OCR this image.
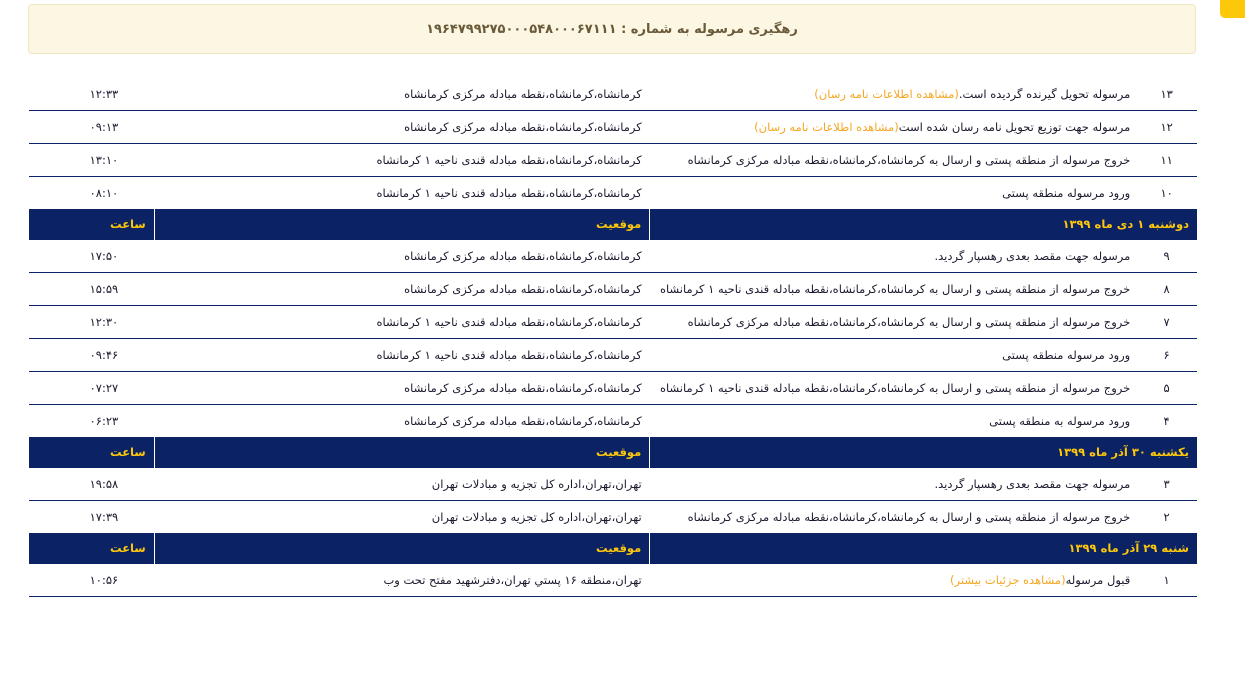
رهگیری مرسوله به شماره : ۱۹۶۴۷۹۹۲۷۵۰۰۰۵۴۸۰۰۰۶۷۱۱۱
۱۳	مرسوله تحویل گیرنده گردیده است.(مشاهده اطلاعات نامه رسان)	کرمانشاه،کرمانشاه،نقطه مبادله مرکزی کرمانشاه	۱۲:۳۳
۱۲	مرسوله جهت توزیع تحویل نامه رسان شده است(مشاهده اطلاعات نامه رسان)	کرمانشاه،کرمانشاه،نقطه مبادله مرکزی کرمانشاه	۰۹:۱۳
۱۱	خروج مرسوله از منطقه پستی و ارسال به کرمانشاه،کرمانشاه،نقطه مبادله مرکزی کرمانشاه	کرمانشاه،کرمانشاه،نقطه مبادله قندی ناحیه ۱ کرمانشاه	۱۳:۱۰
۱۰	ورود مرسوله منطقه پستی	کرمانشاه،کرمانشاه،نقطه مبادله قندی ناحیه ۱ کرمانشاه	۰۸:۱۰
دوشنبه ۱ دی ماه ۱۳۹۹		موقعیت	ساعت
۹	مرسوله جهت مقصد بعدی رهسپار گردید.	کرمانشاه،کرمانشاه،نقطه مبادله مرکزی کرمانشاه	۱۷:۵۰
۸	خروج مرسوله از منطقه پستی و ارسال به کرمانشاه،کرمانشاه،نقطه مبادله قندی ناحیه ۱ کرمانشاه	کرمانشاه،کرمانشاه،نقطه مبادله مرکزی کرمانشاه	۱۵:۵۹
۷	خروج مرسوله از منطقه پستی و ارسال به کرمانشاه،کرمانشاه،نقطه مبادله مرکزی کرمانشاه	کرمانشاه،کرمانشاه،نقطه مبادله قندی ناحیه ۱ کرمانشاه	۱۲:۳۰
۶	ورود مرسوله منطقه پستی	کرمانشاه،کرمانشاه،نقطه مبادله قندی ناحیه ۱ کرمانشاه	۰۹:۴۶
۵	خروج مرسوله از منطقه پستی و ارسال به کرمانشاه،کرمانشاه،نقطه مبادله قندی ناحیه ۱ کرمانشاه	کرمانشاه،کرمانشاه،نقطه مبادله مرکزی کرمانشاه	۰۷:۲۷
۴	ورود مرسوله به منطقه پستی	کرمانشاه،کرمانشاه،نقطه مبادله مرکزی کرمانشاه	۰۶:۲۳
یکشنبه ۳۰ آذر ماه ۱۳۹۹		موقعیت	ساعت
۳	مرسوله جهت مقصد بعدی رهسپار گردید.	تهران،تهران،اداره کل تجزیه و مبادلات تهران	۱۹:۵۸
۲	خروج مرسوله از منطقه پستی و ارسال به کرمانشاه،کرمانشاه،نقطه مبادله مرکزی کرمانشاه	تهران،تهران،اداره کل تجزیه و مبادلات تهران	۱۷:۳۹
شنبه ۲۹ آذر ماه ۱۳۹۹		موقعیت	ساعت
۱	قبول مرسوله(مشاهده جزئیات بیشتر)	تهران،منطقه ۱۶ پستي تهران،دفترشهید مفتح تحت وب	۱۰:۵۶
